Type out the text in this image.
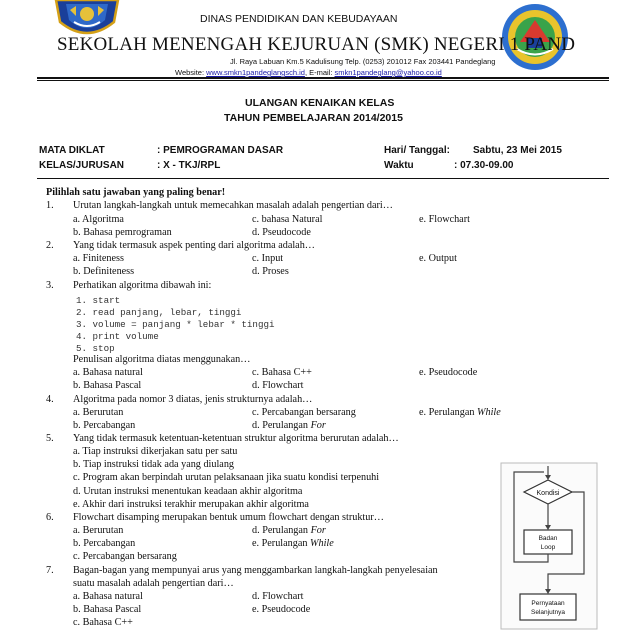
DINAS PENDIDIKAN DAN KEBUDAYAAN
SEKOLAH MENENGAH KEJURUAN (SMK) NEGERI 1 PAND
Jl. Raya Labuan Km.5 Kadulisung Telp. (0253) 201012 Fax 203441 Pandeglang
Website: www.smkn1pandeglangsch.id, E-mail: smkn1pandeglang@yahoo.co.id
ULANGAN KENAIKAN KELAS
TAHUN PEMBELAJARAN 2014/2015
MATA DIKLAT	: PEMROGRAMAN DASAR	Hari/ Tanggal: Sabtu, 23 Mei 2015
KELAS/JURUSAN	: X - TKJ/RPL	Waktu	: 07.30-09.00
Pilihlah satu jawaban yang paling benar!
1. Urutan langkah-langkah untuk memecahkan masalah adalah pengertian dari…
a. Algoritma
b. Bahasa pemrograman
c. bahasa Natural
d. Pseudocode
e. Flowchart
2. Yang tidak termasuk aspek penting dari algoritma adalah…
a. Finiteness
b. Definiteness
c. Input
d. Proses
e. Output
3. Perhatikan algoritma dibawah ini:
1. start
2. read panjang, lebar, tinggi
3. volume = panjang * lebar * tinggi
4. print volume
5. stop
Penulisan algoritma diatas menggunakan…
a. Bahasa natural
b. Bahasa Pascal
c. Bahasa C++
d. Flowchart
e. Pseudocode
4. Algoritma pada nomor 3 diatas, jenis strukturnya adalah…
a. Berurutan
b. Percabangan
c. Percabangan bersarang
d. Perulangan For
e. Perulangan While
5. Yang tidak termasuk ketentuan-ketentuan struktur algoritma berurutan adalah…
a. Tiap instruksi dikerjakan satu per satu
b. Tiap instruksi tidak ada yang diulang
c. Program akan berpindah urutan pelaksanaan jika suatu kondisi terpenuhi
d. Urutan instruksi menentukan keadaan akhir algoritma
e. Akhir dari instruksi terakhir merupakan akhir algoritma
6. Flowchart disamping merupakan bentuk umum flowchart dengan struktur…
a. Berurutan
b. Percabangan
c. Percabangan bersarang
d. Perulangan For
e. Perulangan While
7. Bagan-bagan yang mempunyai arus yang menggambarkan langkah-langkah penyelesaian
suatu masalah adalah pengertian dari…
a. Bahasa natural
b. Bahasa Pascal
c. Bahasa C++
d. Flowchart
e. Pseudocode
Kondisi
Badan
Loop
Pernyataan
Selanjutnya
